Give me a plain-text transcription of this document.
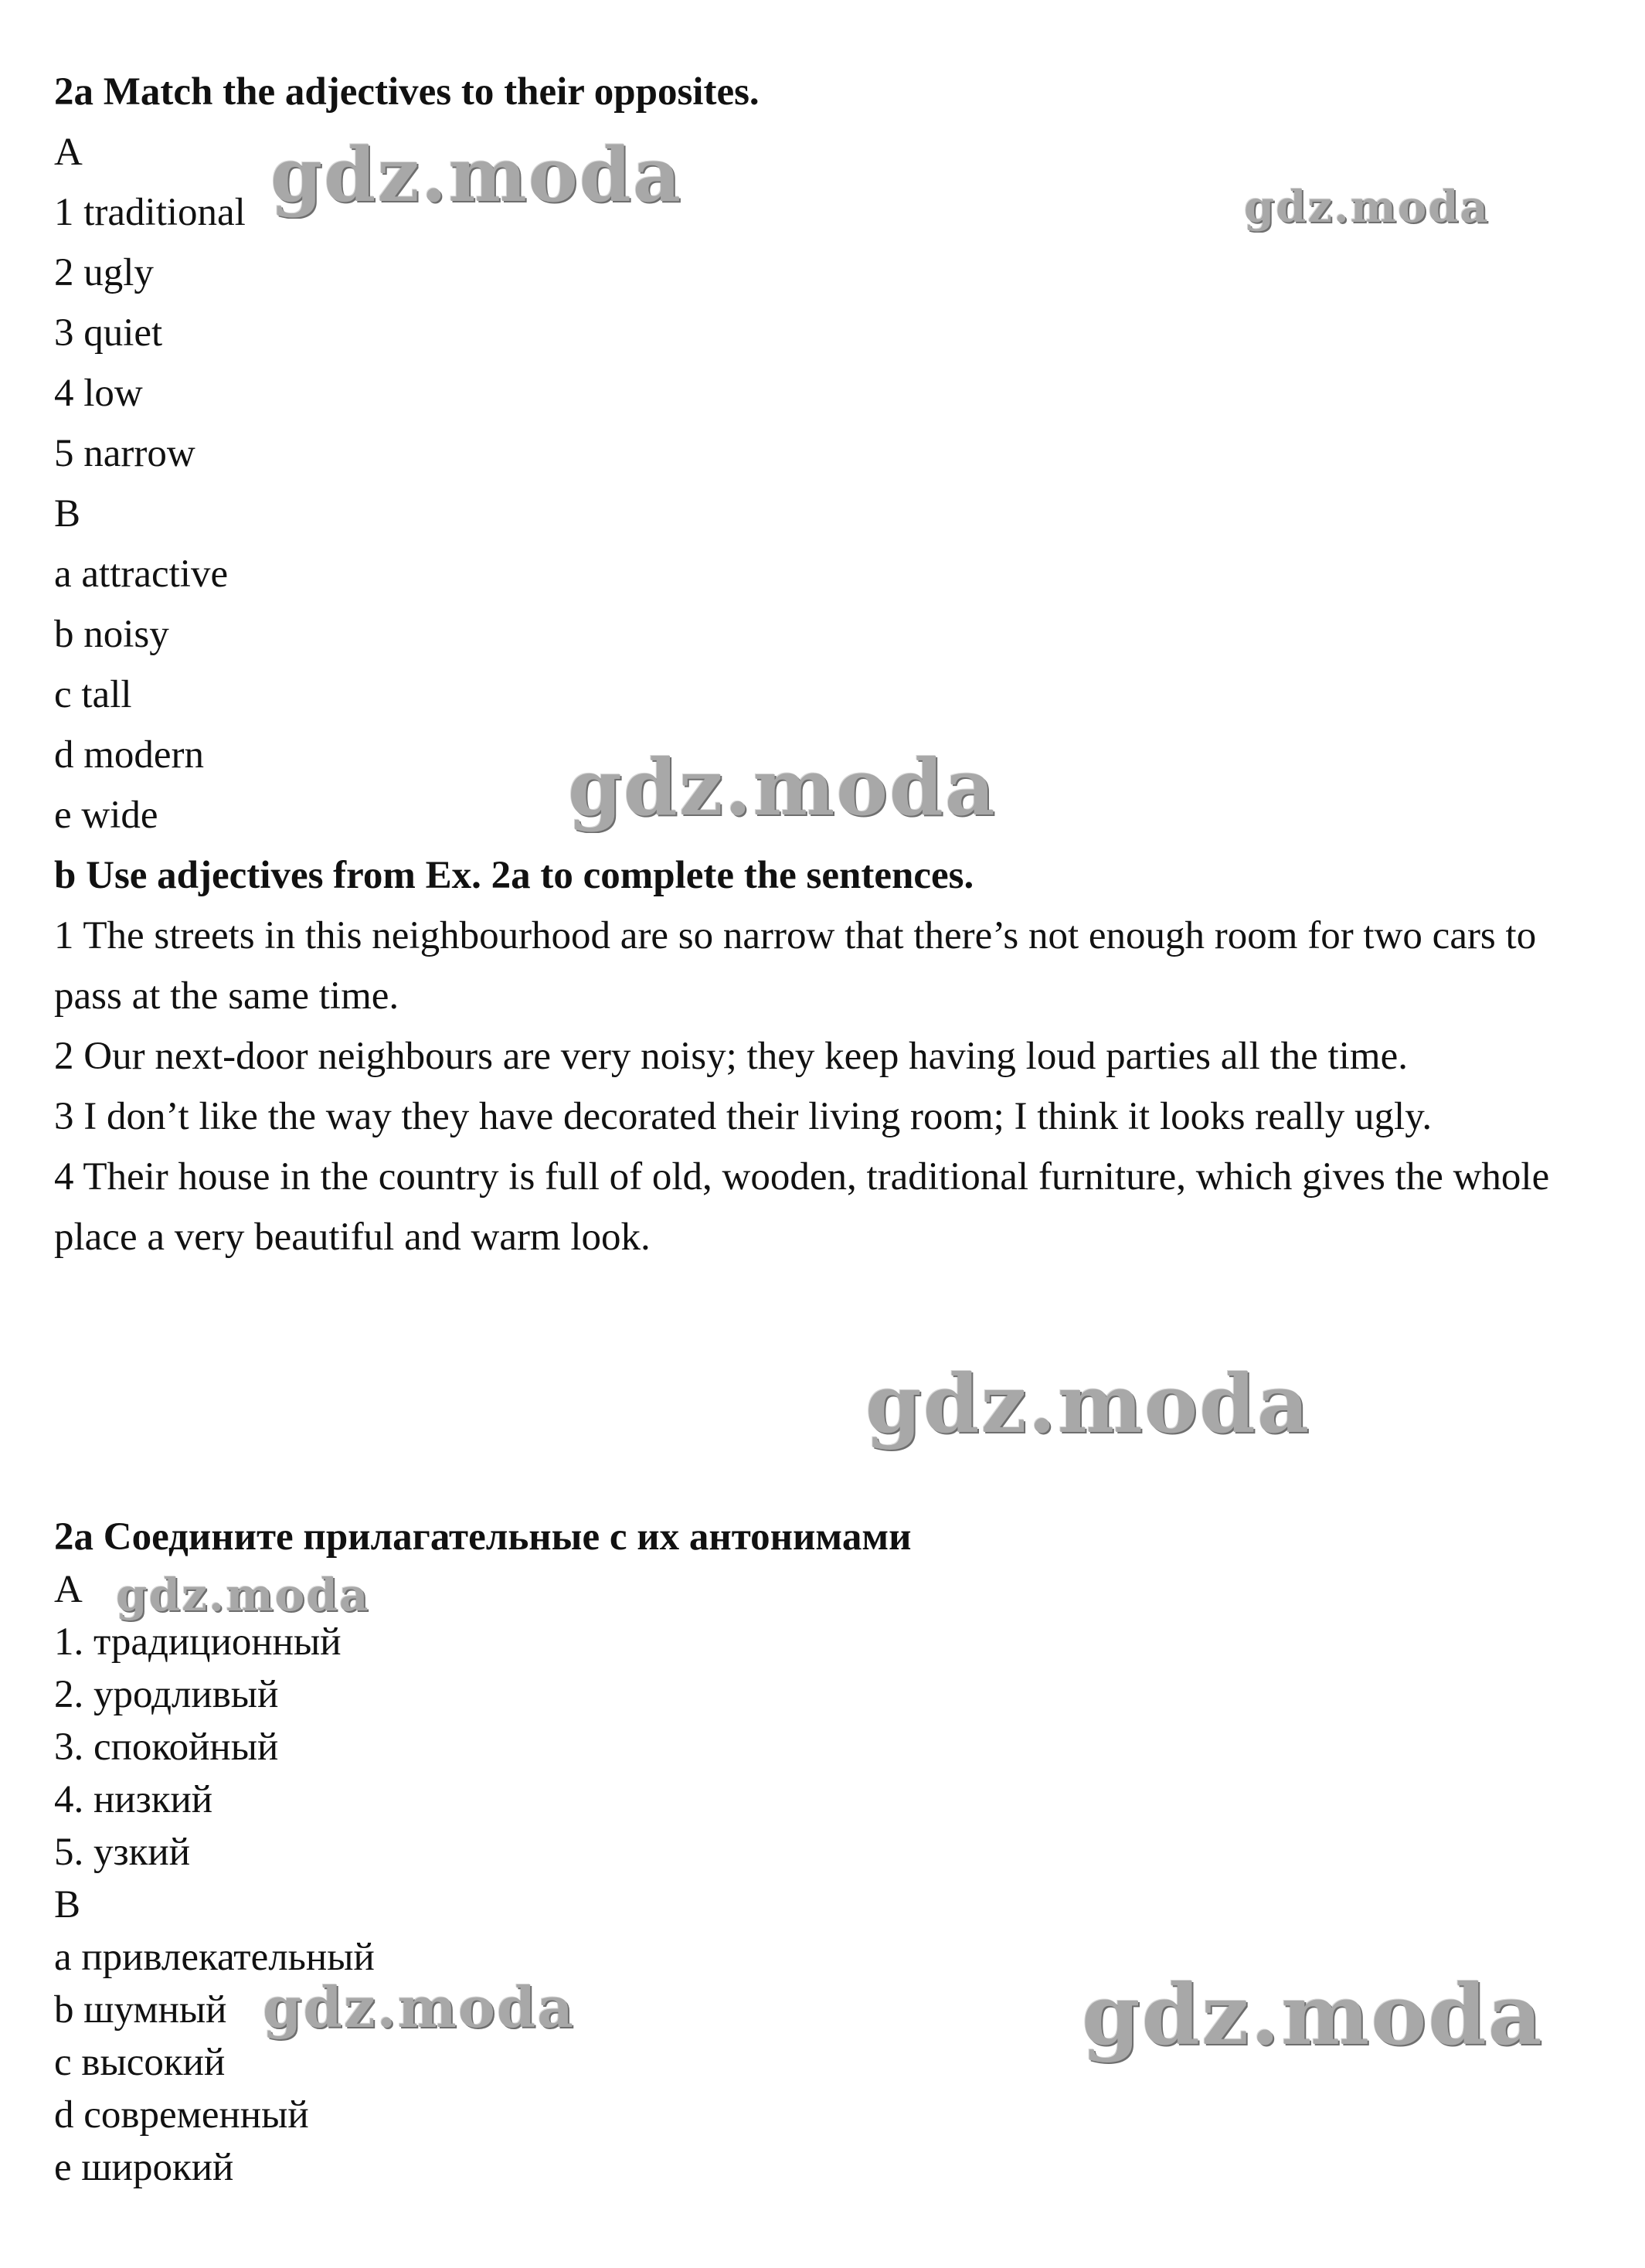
2a Match the adjectives to their opposites.
A
1 traditional
2 ugly
3 quiet
4 low
5 narrow
B
a attractive
b noisy
c tall
d modern
e wide
b Use adjectives from Ex. 2a to complete the sentences.
1 The streets in this neighbourhood are so narrow that there’s not enough room for two cars to pass at the same time.
2 Our next-door neighbours are very noisy; they keep having loud parties all the time.
3 I don’t like the way they have decorated their living room; I think it looks really ugly.
4 Their house in the country is full of old, wooden, traditional furniture, which gives the whole place a very beautiful and warm look.
2a Соедините прилагательные с их антонимами
A
1. традиционный
2. уродливый
3. спокойный
4. низкий
5. узкий
B
a привлекательный
b шумный
c высокий
d современный
e широкий
gdz.moda	gdz.moda
gdz.moda
gdz.moda
gdz.moda
gdz.moda	gdz.moda
